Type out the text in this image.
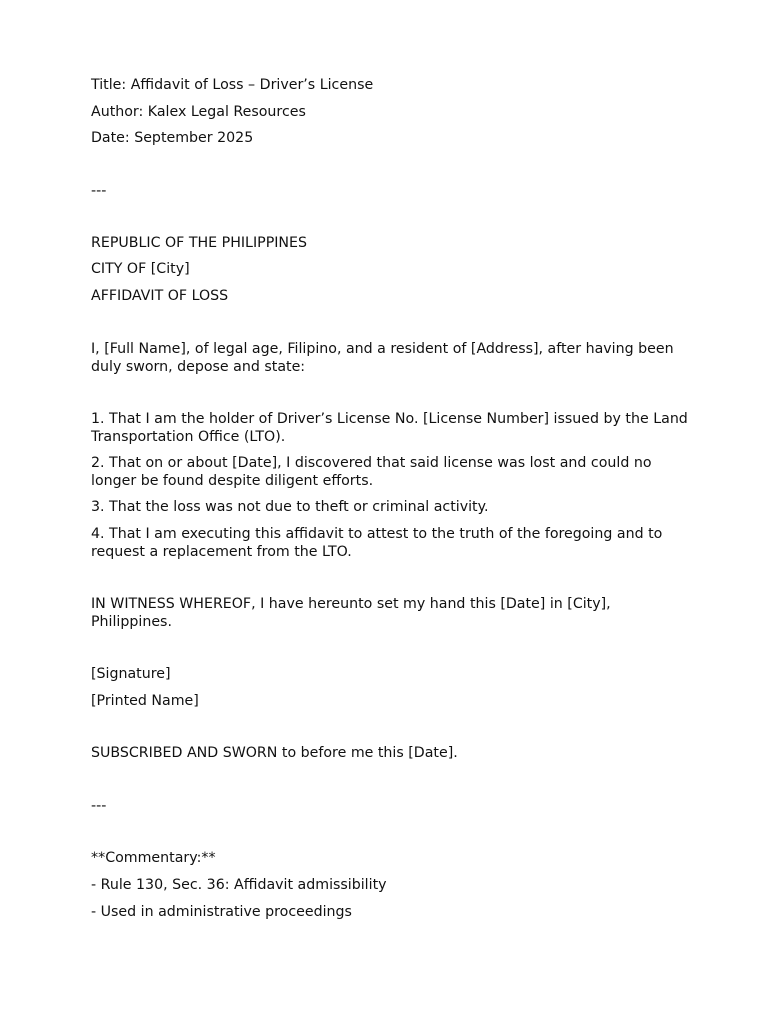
Title: Affidavit of Loss – Driver’s License

Author: Kalex Legal Resources

Date: September 2025

---

REPUBLIC OF THE PHILIPPINES

CITY OF [City]

AFFIDAVIT OF LOSS

I, [Full Name], of legal age, Filipino, and a resident of [Address], after having been duly sworn, depose and state:

1. That I am the holder of Driver’s License No. [License Number] issued by the Land Transportation Office (LTO).

2. That on or about [Date], I discovered that said license was lost and could no longer be found despite diligent efforts.

3. That the loss was not due to theft or criminal activity.

4. That I am executing this affidavit to attest to the truth of the foregoing and to request a replacement from the LTO.

IN WITNESS WHEREOF, I have hereunto set my hand this [Date] in [City], Philippines.

[Signature]

[Printed Name]

SUBSCRIBED AND SWORN to before me this [Date].

---

**Commentary:**

- Rule 130, Sec. 36: Affidavit admissibility

- Used in administrative proceedings
